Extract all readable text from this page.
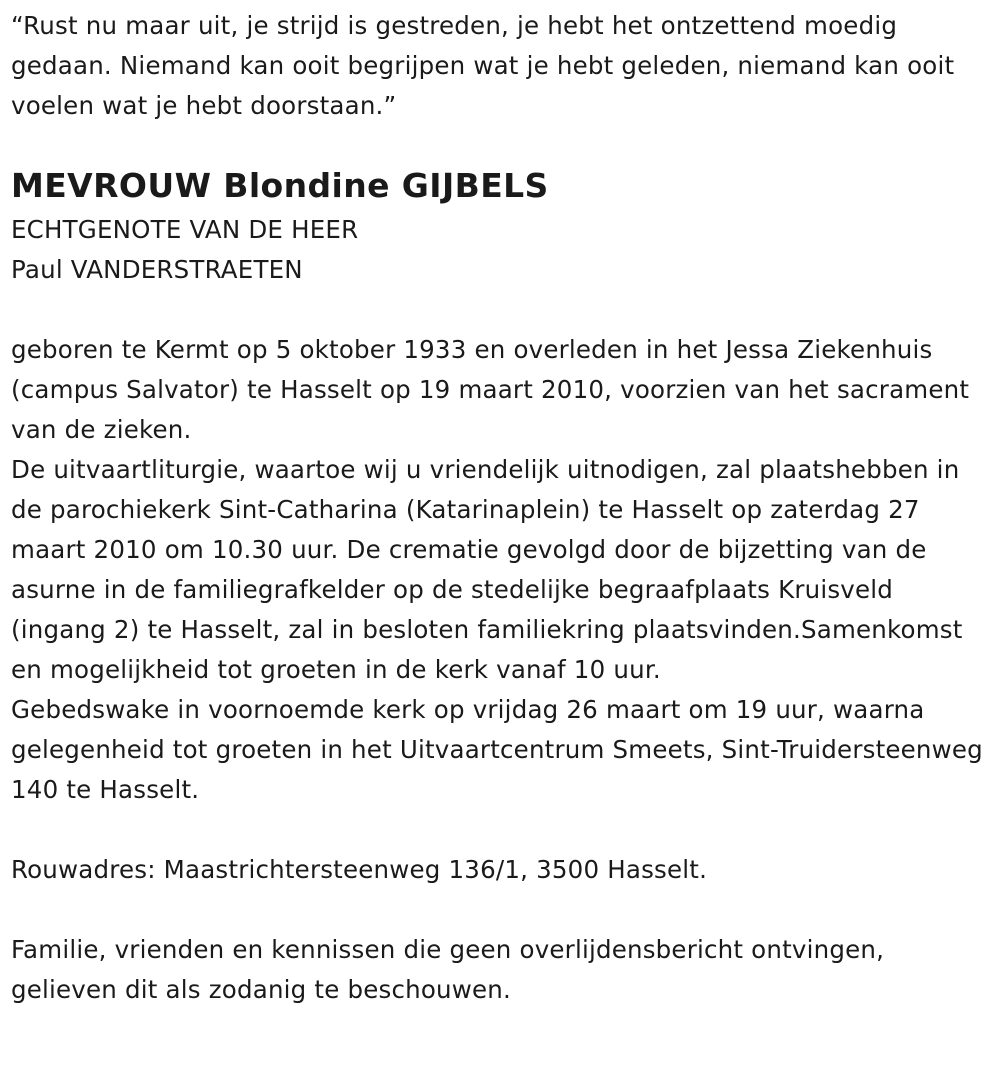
“Rust nu maar uit, je strijd is gestreden, je hebt het ontzettend moedig gedaan. Niemand kan ooit begrijpen wat je hebt geleden, niemand kan ooit voelen wat je hebt doorstaan.”

MEVROUW Blondine GIJBELS

ECHTGENOTE VAN DE HEER

Paul VANDERSTRAETEN

geboren te Kermt op 5 oktober 1933 en overleden in het Jessa Ziekenhuis (campus Salvator) te Hasselt op 19 maart 2010, voorzien van het sacrament van de zieken.

De uitvaartliturgie, waartoe wij u vriendelijk uitnodigen, zal plaatshebben in de parochiekerk Sint-Catharina (Katarinaplein) te Hasselt op zaterdag 27 maart 2010 om 10.30 uur. De crematie gevolgd door de bijzetting van de asurne in de familiegrafkelder op de stedelijke begraafplaats Kruisveld (ingang 2) te Hasselt, zal in besloten familiekring plaatsvinden.Samenkomst en mogelijkheid tot groeten in de kerk vanaf 10 uur.

Gebedswake in voornoemde kerk op vrijdag 26 maart om 19 uur, waarna gelegenheid tot groeten in het Uitvaartcentrum Smeets, Sint-Truidersteenweg 140 te Hasselt.

Rouwadres: Maastrichtersteenweg 136/1, 3500 Hasselt.

Familie, vrienden en kennissen die geen overlijdensbericht ontvingen, gelieven dit als zodanig te beschouwen.
